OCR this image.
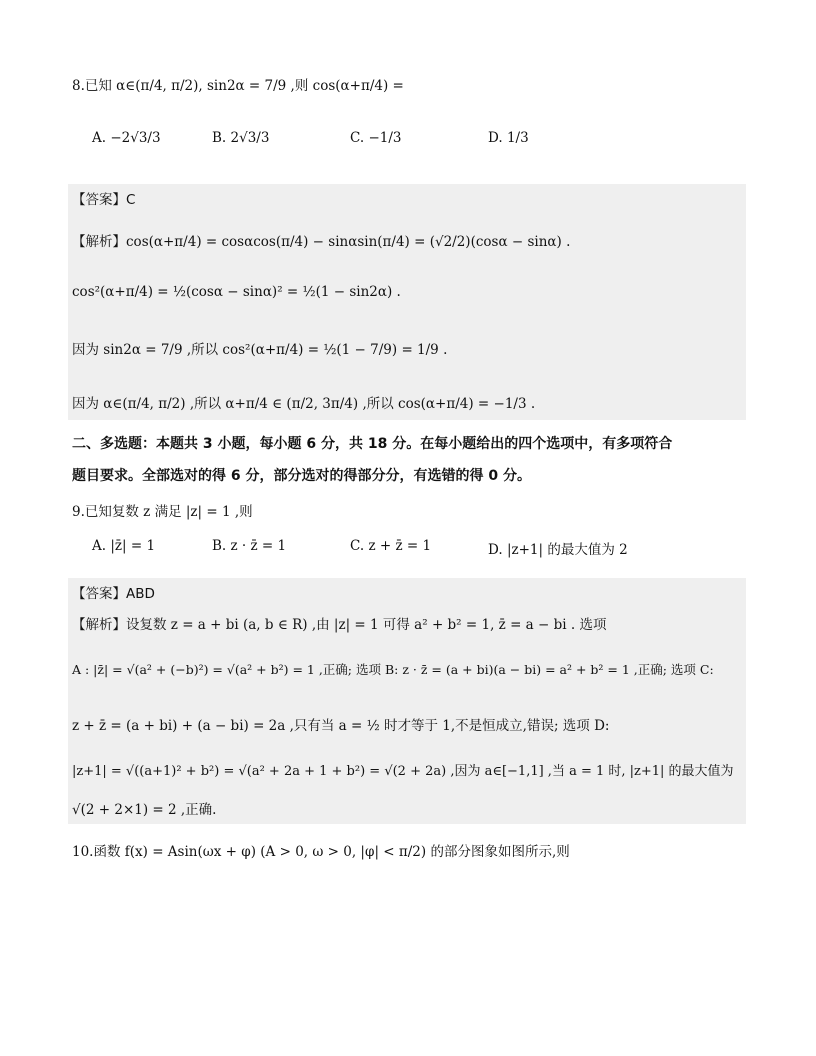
8.已知 α∈(π/4, π/2), sin2α = 7/9 ,则 cos(α+π/4) =
A. −2√3/3	B. 2√3/3	C. −1/3	D. 1/3
【答案】C
【解析】cos(α+π/4) = cosαcos(π/4) − sinαsin(π/4) = (√2/2)(cosα − sinα) .
cos²(α+π/4) = ½(cosα − sinα)² = ½(1 − sin2α) .
因为 sin2α = 7/9 ,所以 cos²(α+π/4) = ½(1 − 7/9) = 1/9 .
因为 α∈(π/4, π/2) ,所以 α+π/4 ∈ (π/2, 3π/4) ,所以 cos(α+π/4) = −1/3 .
二、多选题：本题共 3 小题，每小题 6 分，共 18 分。在每小题给出的四个选项中，有多项符合
题目要求。全部选对的得 6 分，部分选对的得部分分，有选错的得 0 分。
9.已知复数 z 满足 |z| = 1 ,则
A. |z̄| = 1	B. z · z̄ = 1	C. z + z̄ = 1	D. |z+1| 的最大值为 2
【答案】ABD
【解析】设复数 z = a + bi (a, b ∈ R) ,由 |z| = 1 可得 a² + b² = 1, z̄ = a − bi . 选项
A : |z̄| = √(a² + (−b)²) = √(a² + b²) = 1 ,正确; 选项 B: z · z̄ = (a + bi)(a − bi) = a² + b² = 1 ,正确; 选项 C:
z + z̄ = (a + bi) + (a − bi) = 2a ,只有当 a = ½ 时才等于 1,不是恒成立,错误; 选项 D:
|z+1| = √((a+1)² + b²) = √(a² + 2a + 1 + b²) = √(2 + 2a) ,因为 a∈[−1,1] ,当 a = 1 时, |z+1| 的最大值为
√(2 + 2×1) = 2 ,正确.
10.函数 f(x) = Asin(ωx + φ) (A > 0, ω > 0, |φ| < π/2) 的部分图象如图所示,则
